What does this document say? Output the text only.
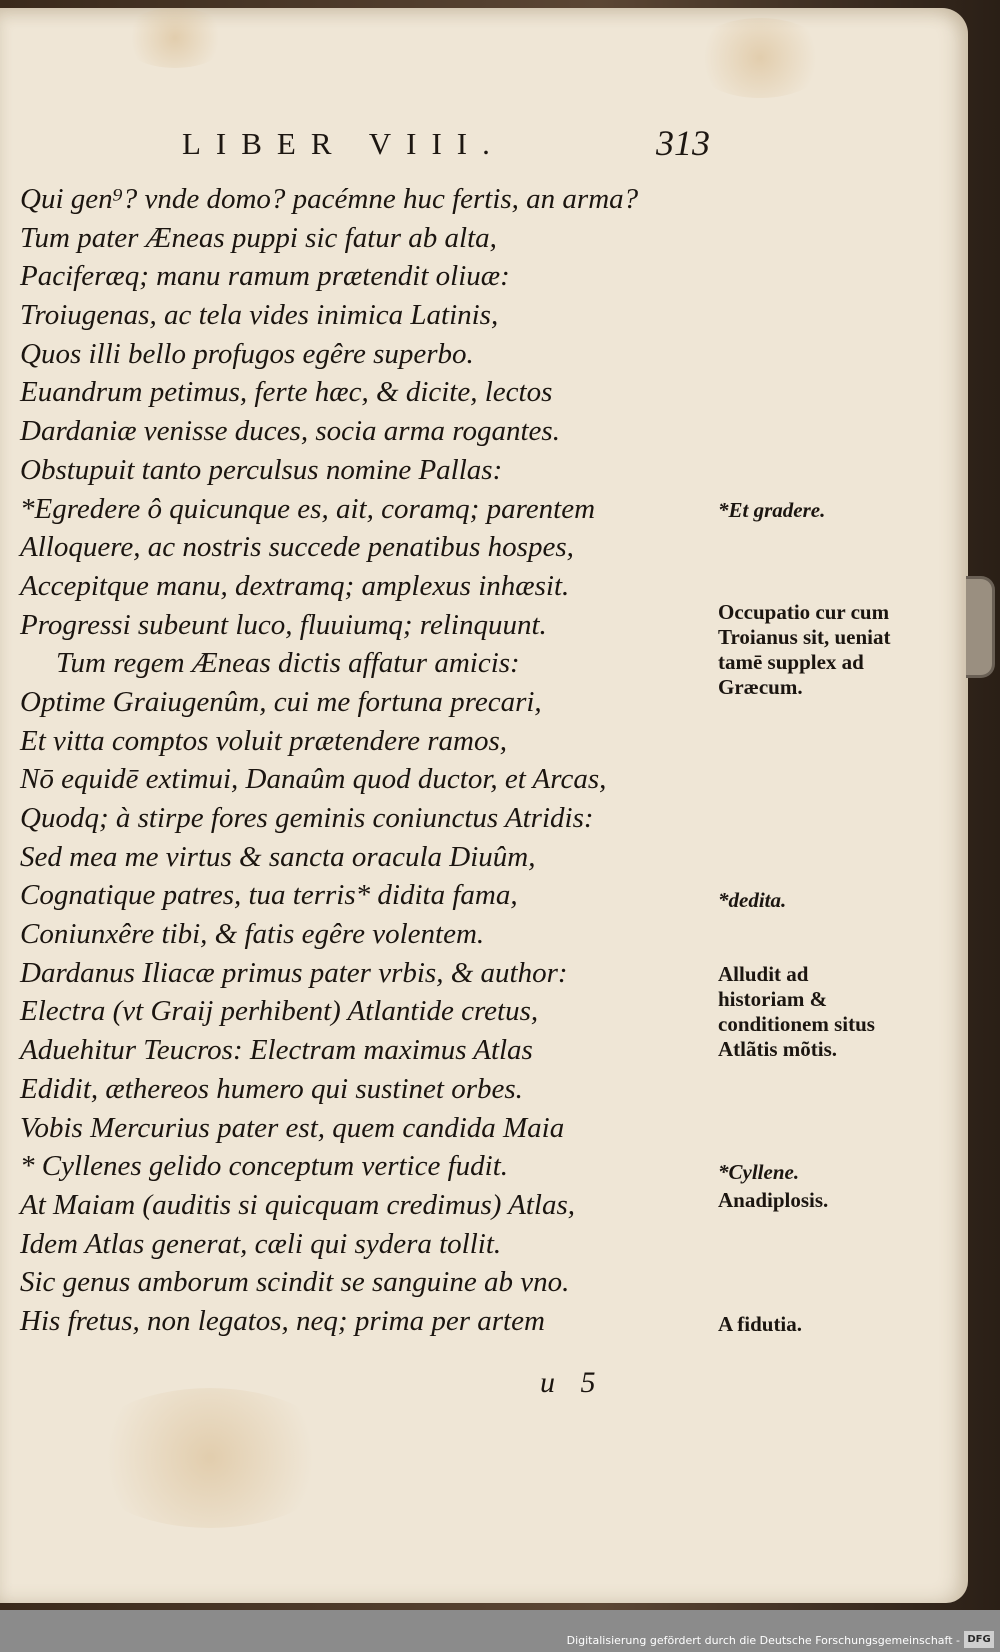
LIBER VIII.	313
Qui gen⁹? vnde domo? pacémne huc fertis, an arma?
Tum pater Æneas puppi sic fatur ab alta,
Paciferæq; manu ramum prætendit oliuæ:
Troiugenas, ac tela vides inimica Latinis,
Quos illi bello profugos egêre superbo.
Euandrum petimus, ferte hæc, & dicite, lectos
Dardaniæ venisse duces, socia arma rogantes.
Obstupuit tanto perculsus nomine Pallas:
*Egredere ô quicunque es, ait, coramq; parentem
Alloquere, ac nostris succede penatibus hospes,
Accepitque manu, dextramq; amplexus inhæsit.
Progressi subeunt luco, fluuiumq; relinquunt.
Tum regem Æneas dictis affatur amicis:
Optime Graiugenûm, cui me fortuna precari,
Et vitta comptos voluit prætendere ramos,
Nō equidē extimui, Danaûm quod ductor, et Arcas,
Quodq; à stirpe fores geminis coniunctus Atridis:
Sed mea me virtus & sancta oracula Diuûm,
Cognatique patres, tua terris* didita fama,
Coniunxêre tibi, & fatis egêre volentem.
Dardanus Iliacæ primus pater vrbis, & author:
Electra (vt Graij perhibent) Atlantide cretus,
Aduehitur Teucros: Electram maximus Atlas
Edidit, æthereos humero qui sustinet orbes.
Vobis Mercurius pater est, quem candida Maia
* Cyllenes gelido conceptum vertice fudit.
At Maiam (auditis si quicquam credimus) Atlas,
Idem Atlas generat, cæli qui sydera tollit.
Sic genus amborum scindit se sanguine ab vno.
His fretus, non legatos, neq; prima per artem
*Et gradere.
Occupatio cur cum Troianus sit, ueniat tamē supplex ad Græcum.
*dedita.
Alludit ad historiam & conditionem situs Atlãtis mõtis.
*Cyllene.
Anadiplosis.
A fidutia.
u 5
Digitalisierung gefördert durch die Deutsche Forschungsgemeinschaft - DFG
